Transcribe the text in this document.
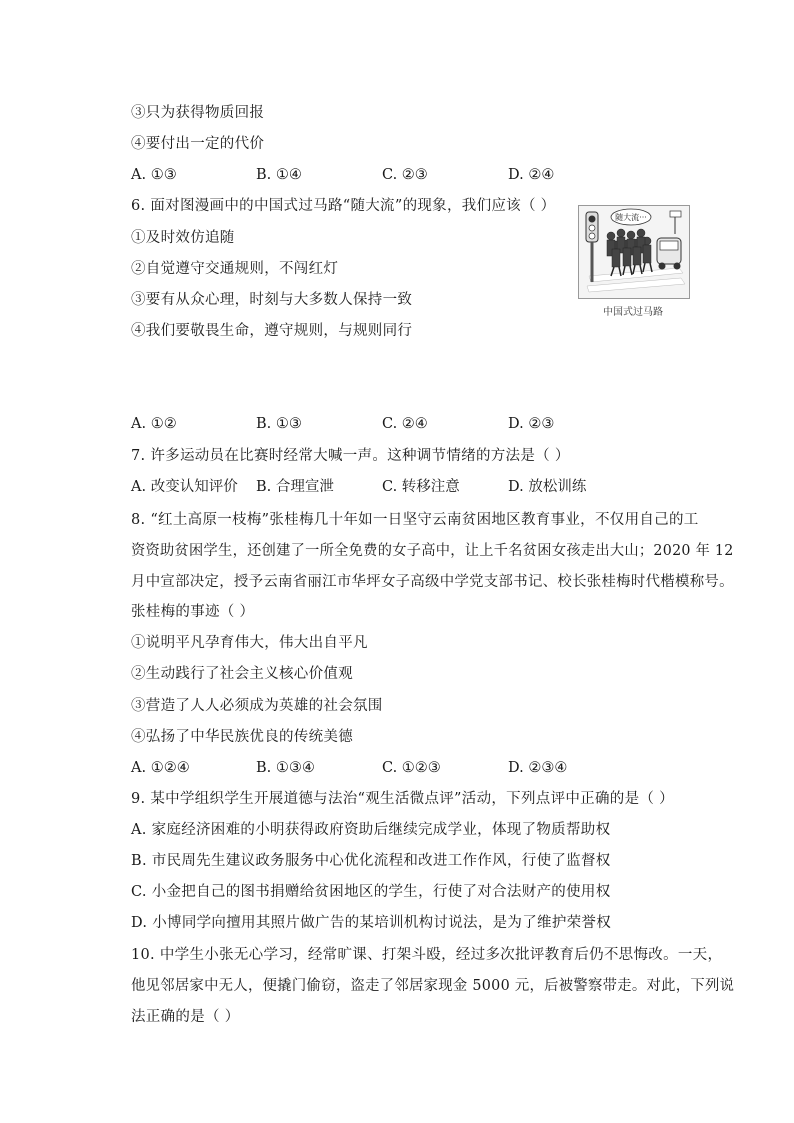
③只为获得物质回报
④要付出一定的代价
A. ①③	B. ①④	C. ②③	D. ②④
6. 面对图漫画中的中国式过马路“随大流”的现象，我们应该（ ）
①及时效仿追随
②自觉遵守交通规则，不闯红灯
③要有从众心理，时刻与大多数人保持一致
④我们要敬畏生命，遵守规则，与规则同行
随大流···
中国式过马路
A. ①②	B. ①③	C. ②④	D. ②③
7. 许多运动员在比赛时经常大喊一声。这种调节情绪的方法是（ ）
A. 改变认知评价 B. 合理宣泄	C. 转移注意	D. 放松训练
8. “红土高原一枝梅”张桂梅几十年如一日坚守云南贫困地区教育事业，不仅用自己的工
资资助贫困学生，还创建了一所全免费的女子高中，让上千名贫困女孩走出大山；2020 年 12
月中宣部决定，授予云南省丽江市华坪女子高级中学党支部书记、校长张桂梅时代楷模称号。
张桂梅的事迹（ ）
①说明平凡孕育伟大，伟大出自平凡
②生动践行了社会主义核心价值观
③营造了人人必须成为英雄的社会氛围
④弘扬了中华民族优良的传统美德
A. ①②④	B. ①③④	C. ①②③	D. ②③④
9. 某中学组织学生开展道德与法治“观生活微点评”活动，下列点评中正确的是（ ）
A. 家庭经济困难的小明获得政府资助后继续完成学业，体现了物质帮助权
B. 市民周先生建议政务服务中心优化流程和改进工作作风，行使了监督权
C. 小金把自己的图书捐赠给贫困地区的学生，行使了对合法财产的使用权
D. 小博同学向擅用其照片做广告的某培训机构讨说法，是为了维护荣誉权
10. 中学生小张无心学习，经常旷课、打架斗殴，经过多次批评教育后仍不思悔改。一天，
他见邻居家中无人，便撬门偷窃，盗走了邻居家现金 5000 元，后被警察带走。对此，下列说
法正确的是（ ）
